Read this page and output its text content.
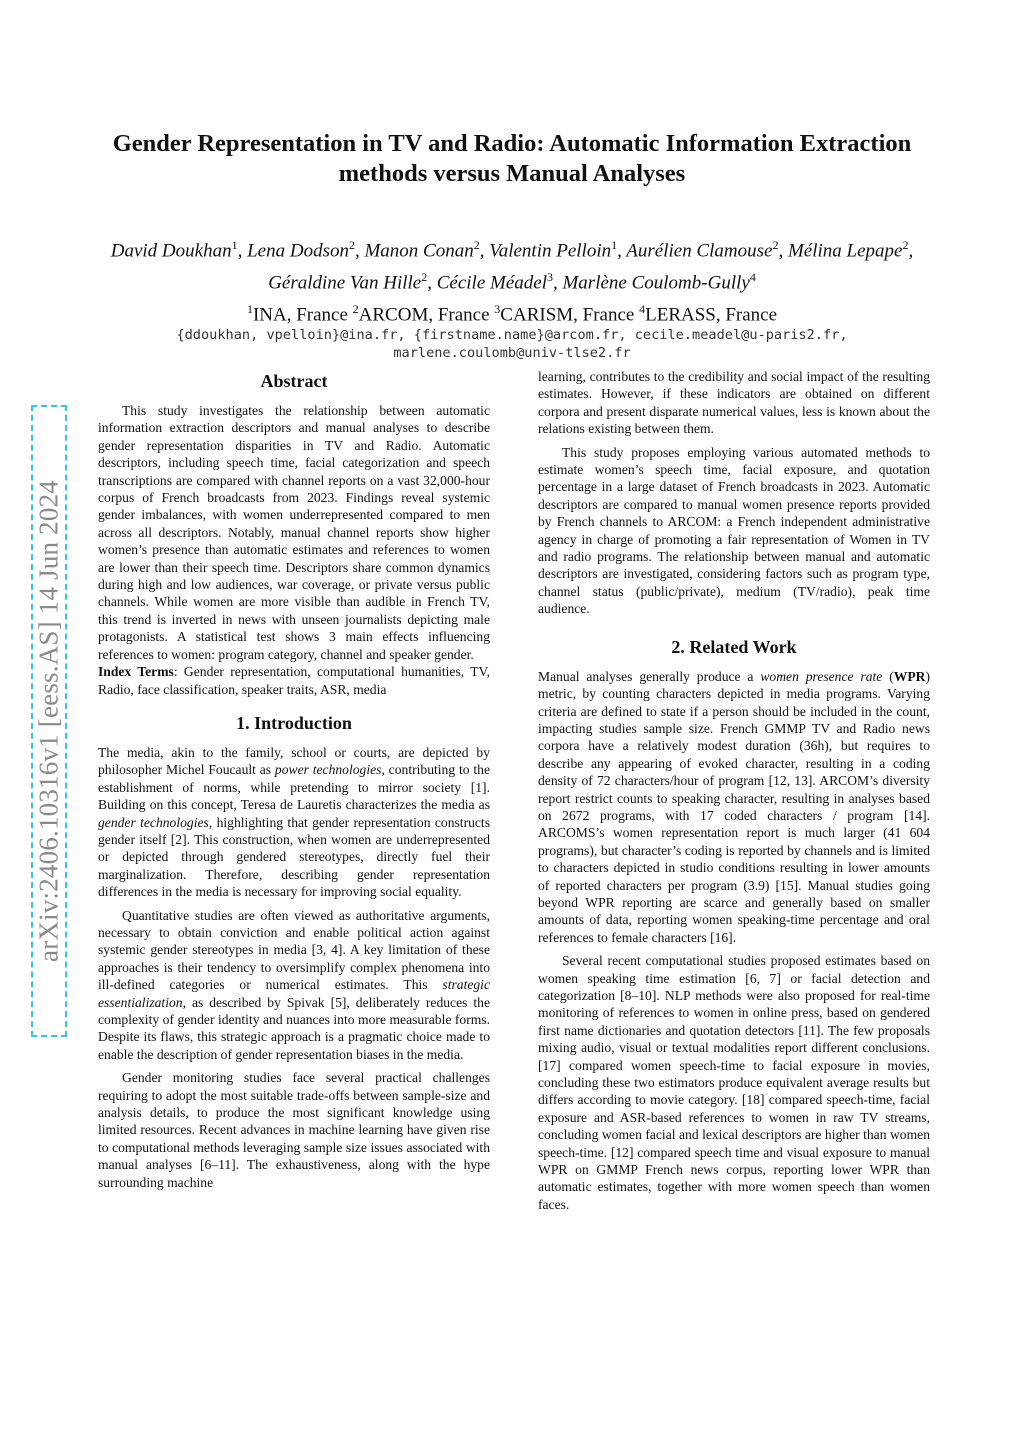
arXiv:2406.10316v1 [eess.AS] 14 Jun 2024
Gender Representation in TV and Radio: Automatic Information Extraction
methods versus Manual Analyses
David Doukhan$^1$, Lena Dodson$^2$, Manon Conan$^2$, Valentin Pelloin$^1$, Aurélien Clamouse$^2$, Mélina Lepape$^2$, Géraldine Van Hille$^2$, Cécile Méadel$^3$, Marlène Coulomb-Gully$^4$
$^1$INA, France $^2$ARCOM, France $^3$CARISM, France $^4$LERASS, France
{ddoukhan, vpelloin}@ina.fr, {firstname.name}@arcom.fr, cecile.meadel@u-paris2.fr,
marlene.coulomb@univ-tlse2.fr
Abstract

This study investigates the relationship between automatic information extraction descriptors and manual analyses to describe gender representation disparities in TV and Radio. Automatic descriptors, including speech time, facial categorization and speech transcriptions are compared with channel reports on a vast 32,000-hour corpus of French broadcasts from 2023. Findings reveal systemic gender imbalances, with women underrepresented compared to men across all descriptors. Notably, manual channel reports show higher women’s presence than automatic estimates and references to women are lower than their speech time. Descriptors share common dynamics during high and low audiences, war coverage, or private versus public channels. While women are more visible than audible in French TV, this trend is inverted in news with unseen journalists depicting male protagonists. A statistical test shows 3 main effects influencing references to women: program category, channel and speaker gender.

Index Terms: Gender representation, computational humanities, TV, Radio, face classification, speaker traits, ASR, media

1. Introduction

The media, akin to the family, school or courts, are depicted by philosopher Michel Foucault as power technologies, contributing to the establishment of norms, while pretending to mirror society [1]. Building on this concept, Teresa de Lauretis characterizes the media as gender technologies, highlighting that gender representation constructs gender itself [2]. This construction, when women are underrepresented or depicted through gendered stereotypes, directly fuel their marginalization. Therefore, describing gender representation differences in the media is necessary for improving social equality.

Quantitative studies are often viewed as authoritative arguments, necessary to obtain conviction and enable political action against systemic gender stereotypes in media [3, 4]. A key limitation of these approaches is their tendency to oversimplify complex phenomena into ill-defined categories or numerical estimates. This strategic essentialization, as described by Spivak [5], deliberately reduces the complexity of gender identity and nuances into more measurable forms. Despite its flaws, this strategic approach is a pragmatic choice made to enable the description of gender representation biases in the media.

Gender monitoring studies face several practical challenges requiring to adopt the most suitable trade-offs between sample-size and analysis details, to produce the most significant knowledge using limited resources. Recent advances in machine learning have given rise to computational methods leveraging sample size issues associated with manual analyses [6–11]. The exhaustiveness, along with the hype surrounding machine

learning, contributes to the credibility and social impact of the resulting estimates. However, if these indicators are obtained on different corpora and present disparate numerical values, less is known about the relations existing between them.

This study proposes employing various automated methods to estimate women’s speech time, facial exposure, and quotation percentage in a large dataset of French broadcasts in 2023. Automatic descriptors are compared to manual women presence reports provided by French channels to ARCOM: a French independent administrative agency in charge of promoting a fair representation of Women in TV and radio programs. The relationship between manual and automatic descriptors are investigated, considering factors such as program type, channel status (public/private), medium (TV/radio), peak time audience.

2. Related Work

Manual analyses generally produce a women presence rate (WPR) metric, by counting characters depicted in media programs. Varying criteria are defined to state if a person should be included in the count, impacting studies sample size. French GMMP TV and Radio news corpora have a relatively modest duration (36h), but requires to describe any appearing of evoked character, resulting in a coding density of 72 characters/hour of program [12, 13]. ARCOM’s diversity report restrict counts to speaking character, resulting in analyses based on 2672 programs, with 17 coded characters / program [14]. ARCOMS’s women representation report is much larger (41 604 programs), but character’s coding is reported by channels and is limited to characters depicted in studio conditions resulting in lower amounts of reported characters per program (3.9) [15]. Manual studies going beyond WPR reporting are scarce and generally based on smaller amounts of data, reporting women speaking-time percentage and oral references to female characters [16].

Several recent computational studies proposed estimates based on women speaking time estimation [6, 7] or facial detection and categorization [8–10]. NLP methods were also proposed for real-time monitoring of references to women in online press, based on gendered first name dictionaries and quotation detectors [11]. The few proposals mixing audio, visual or textual modalities report different conclusions. [17] compared women speech-time to facial exposure in movies, concluding these two estimators produce equivalent average results but differs according to movie category. [18] compared speech-time, facial exposure and ASR-based references to women in raw TV streams, concluding women facial and lexical descriptors are higher than women speech-time. [12] compared speech time and visual exposure to manual WPR on GMMP French news corpus, reporting lower WPR than automatic estimates, together with more women speech than women faces.
